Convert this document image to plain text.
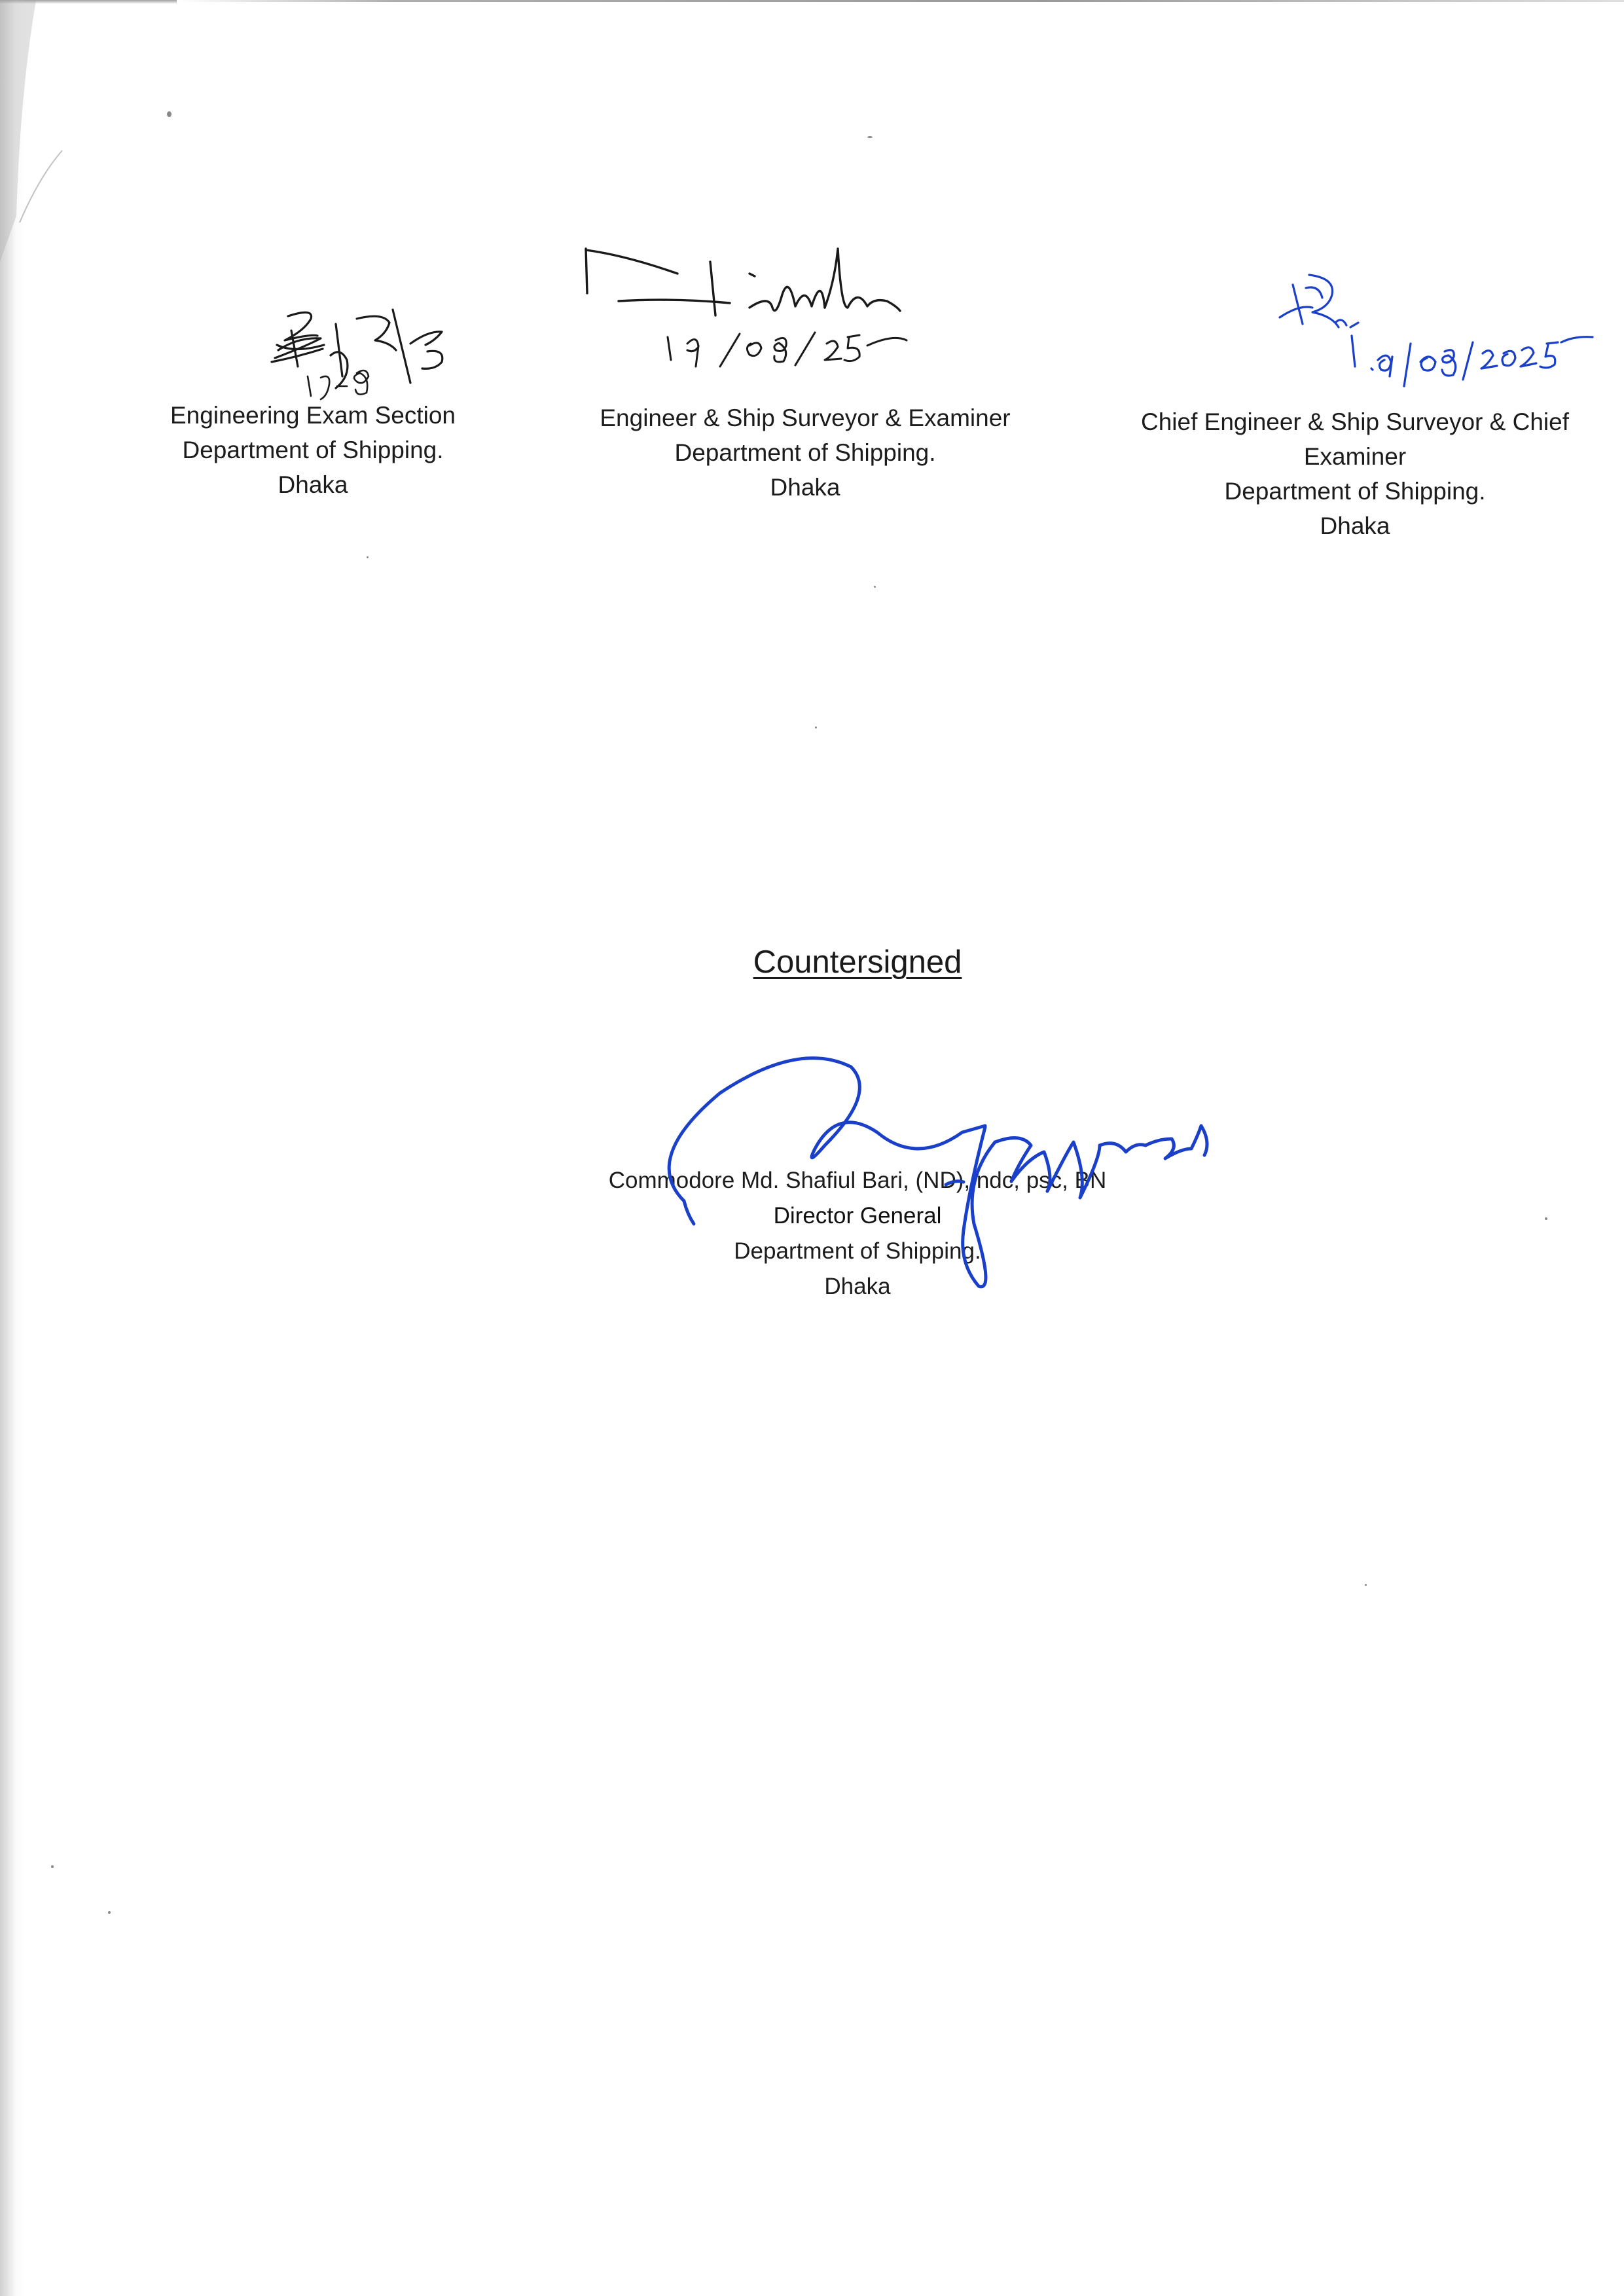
Engineering Exam Section
Department of Shipping.
Dhaka
Engineer & Ship Surveyor & Examiner
Department of Shipping.
Dhaka
Chief Engineer & Ship Surveyor & Chief Examiner
Department of Shipping.
Dhaka
Countersigned
Commodore Md. Shafiul Bari, (ND), ndc, psc, BN
Director General
Department of Shipping.
Dhaka
